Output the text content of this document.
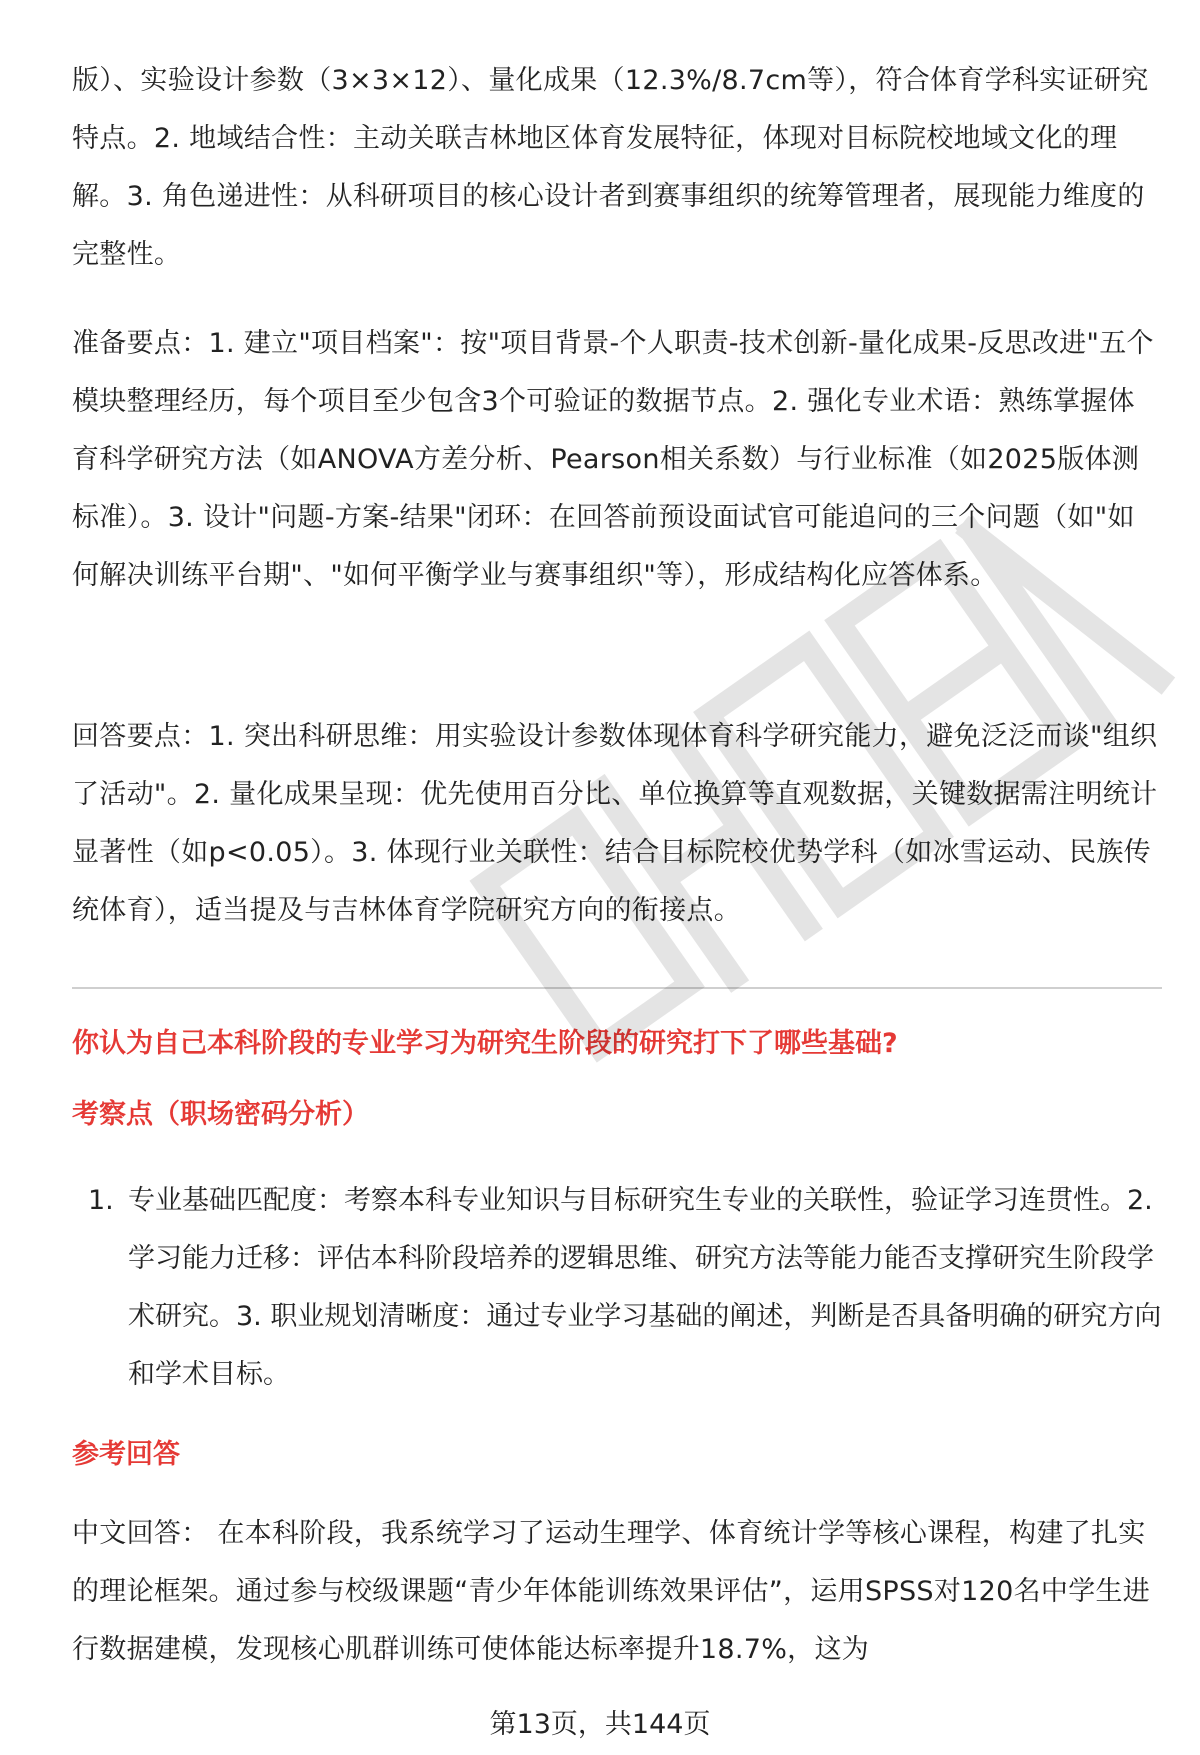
版）、实验设计参数（3×3×12）、量化成果（12.3%/8.7cm等），符合体育学科实证研究特点。2. 地域结合性：主动关联吉林地区体育发展特征，体现对目标院校地域文化的理解。3. 角色递进性：从科研项目的核心设计者到赛事组织的统筹管理者，展现能力维度的完整性。

准备要点：1. 建立"项目档案"：按"项目背景-个人职责-技术创新-量化成果-反思改进"五个模块整理经历，每个项目至少包含3个可验证的数据节点。2. 强化专业术语：熟练掌握体育科学研究方法（如ANOVA方差分析、Pearson相关系数）与行业标准（如2025版体测标准）。3. 设计"问题-方案-结果"闭环：在回答前预设面试官可能追问的三个问题（如"如何解决训练平台期"、"如何平衡学业与赛事组织"等），形成结构化应答体系。

回答要点：1. 突出科研思维：用实验设计参数体现体育科学研究能力，避免泛泛而谈"组织了活动"。2. 量化成果呈现：优先使用百分比、单位换算等直观数据，关键数据需注明统计显著性（如p<0.05）。3. 体现行业关联性：结合目标院校优势学科（如冰雪运动、民族传统体育），适当提及与吉林体育学院研究方向的衔接点。

你认为自己本科阶段的专业学习为研究生阶段的研究打下了哪些基础?
考察点（职场密码分析）
1. 专业基础匹配度：考察本科专业知识与目标研究生专业的关联性，验证学习连贯性。2. 学习能力迁移：评估本科阶段培养的逻辑思维、研究方法等能力能否支撑研究生阶段学术研究。3. 职业规划清晰度：通过专业学习基础的阐述，判断是否具备明确的研究方向和学术目标。
参考回答

中文回答： 在本科阶段，我系统学习了运动生理学、体育统计学等核心课程，构建了扎实的理论框架。通过参与校级课题“青少年体能训练效果评估”，运用SPSS对120名中学生进行数据建模，发现核心肌群训练可使体能达标率提升18.7%，这为

第13页，共144页
